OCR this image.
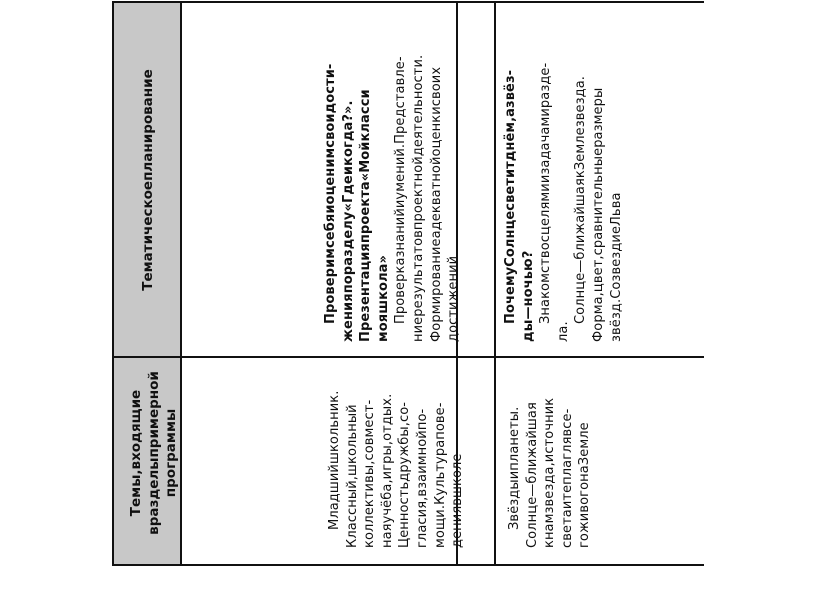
Темы,входящие вразделыпримерной программы
Тематическоепланирование

Младшийшкольник. Классный,школьный коллективы,совмест- наяучёба,игры,отдых. Ценностьдружбы,со- гласия,взаимнойпо- мощи.Культурапове- дениявшколе

Проверимсебяиоценимсвоидости- женияпоразделу«Гдеикогда?». Презентацияпроекта«Мойкласси мояшкола» Проверказнанийиумений.Представле- ниерезультатовпроектнойдеятельности. Формированиеадекватнойоценкисвоих достижений

Звёздыипланеты. Солнце—ближайшая кнамзвезда,источник светаитеплаглявсе- гоживогонаЗемле

ПочемуСолнцесветитднём,азвёз- ды—ночью? Знакомствосцелямиизадачамиразде- ла.

Солнце—ближайшаякЗемлезвезда. Форма,цвет,сравнительныеразмеры звёзд.СозвездиеЛьва
